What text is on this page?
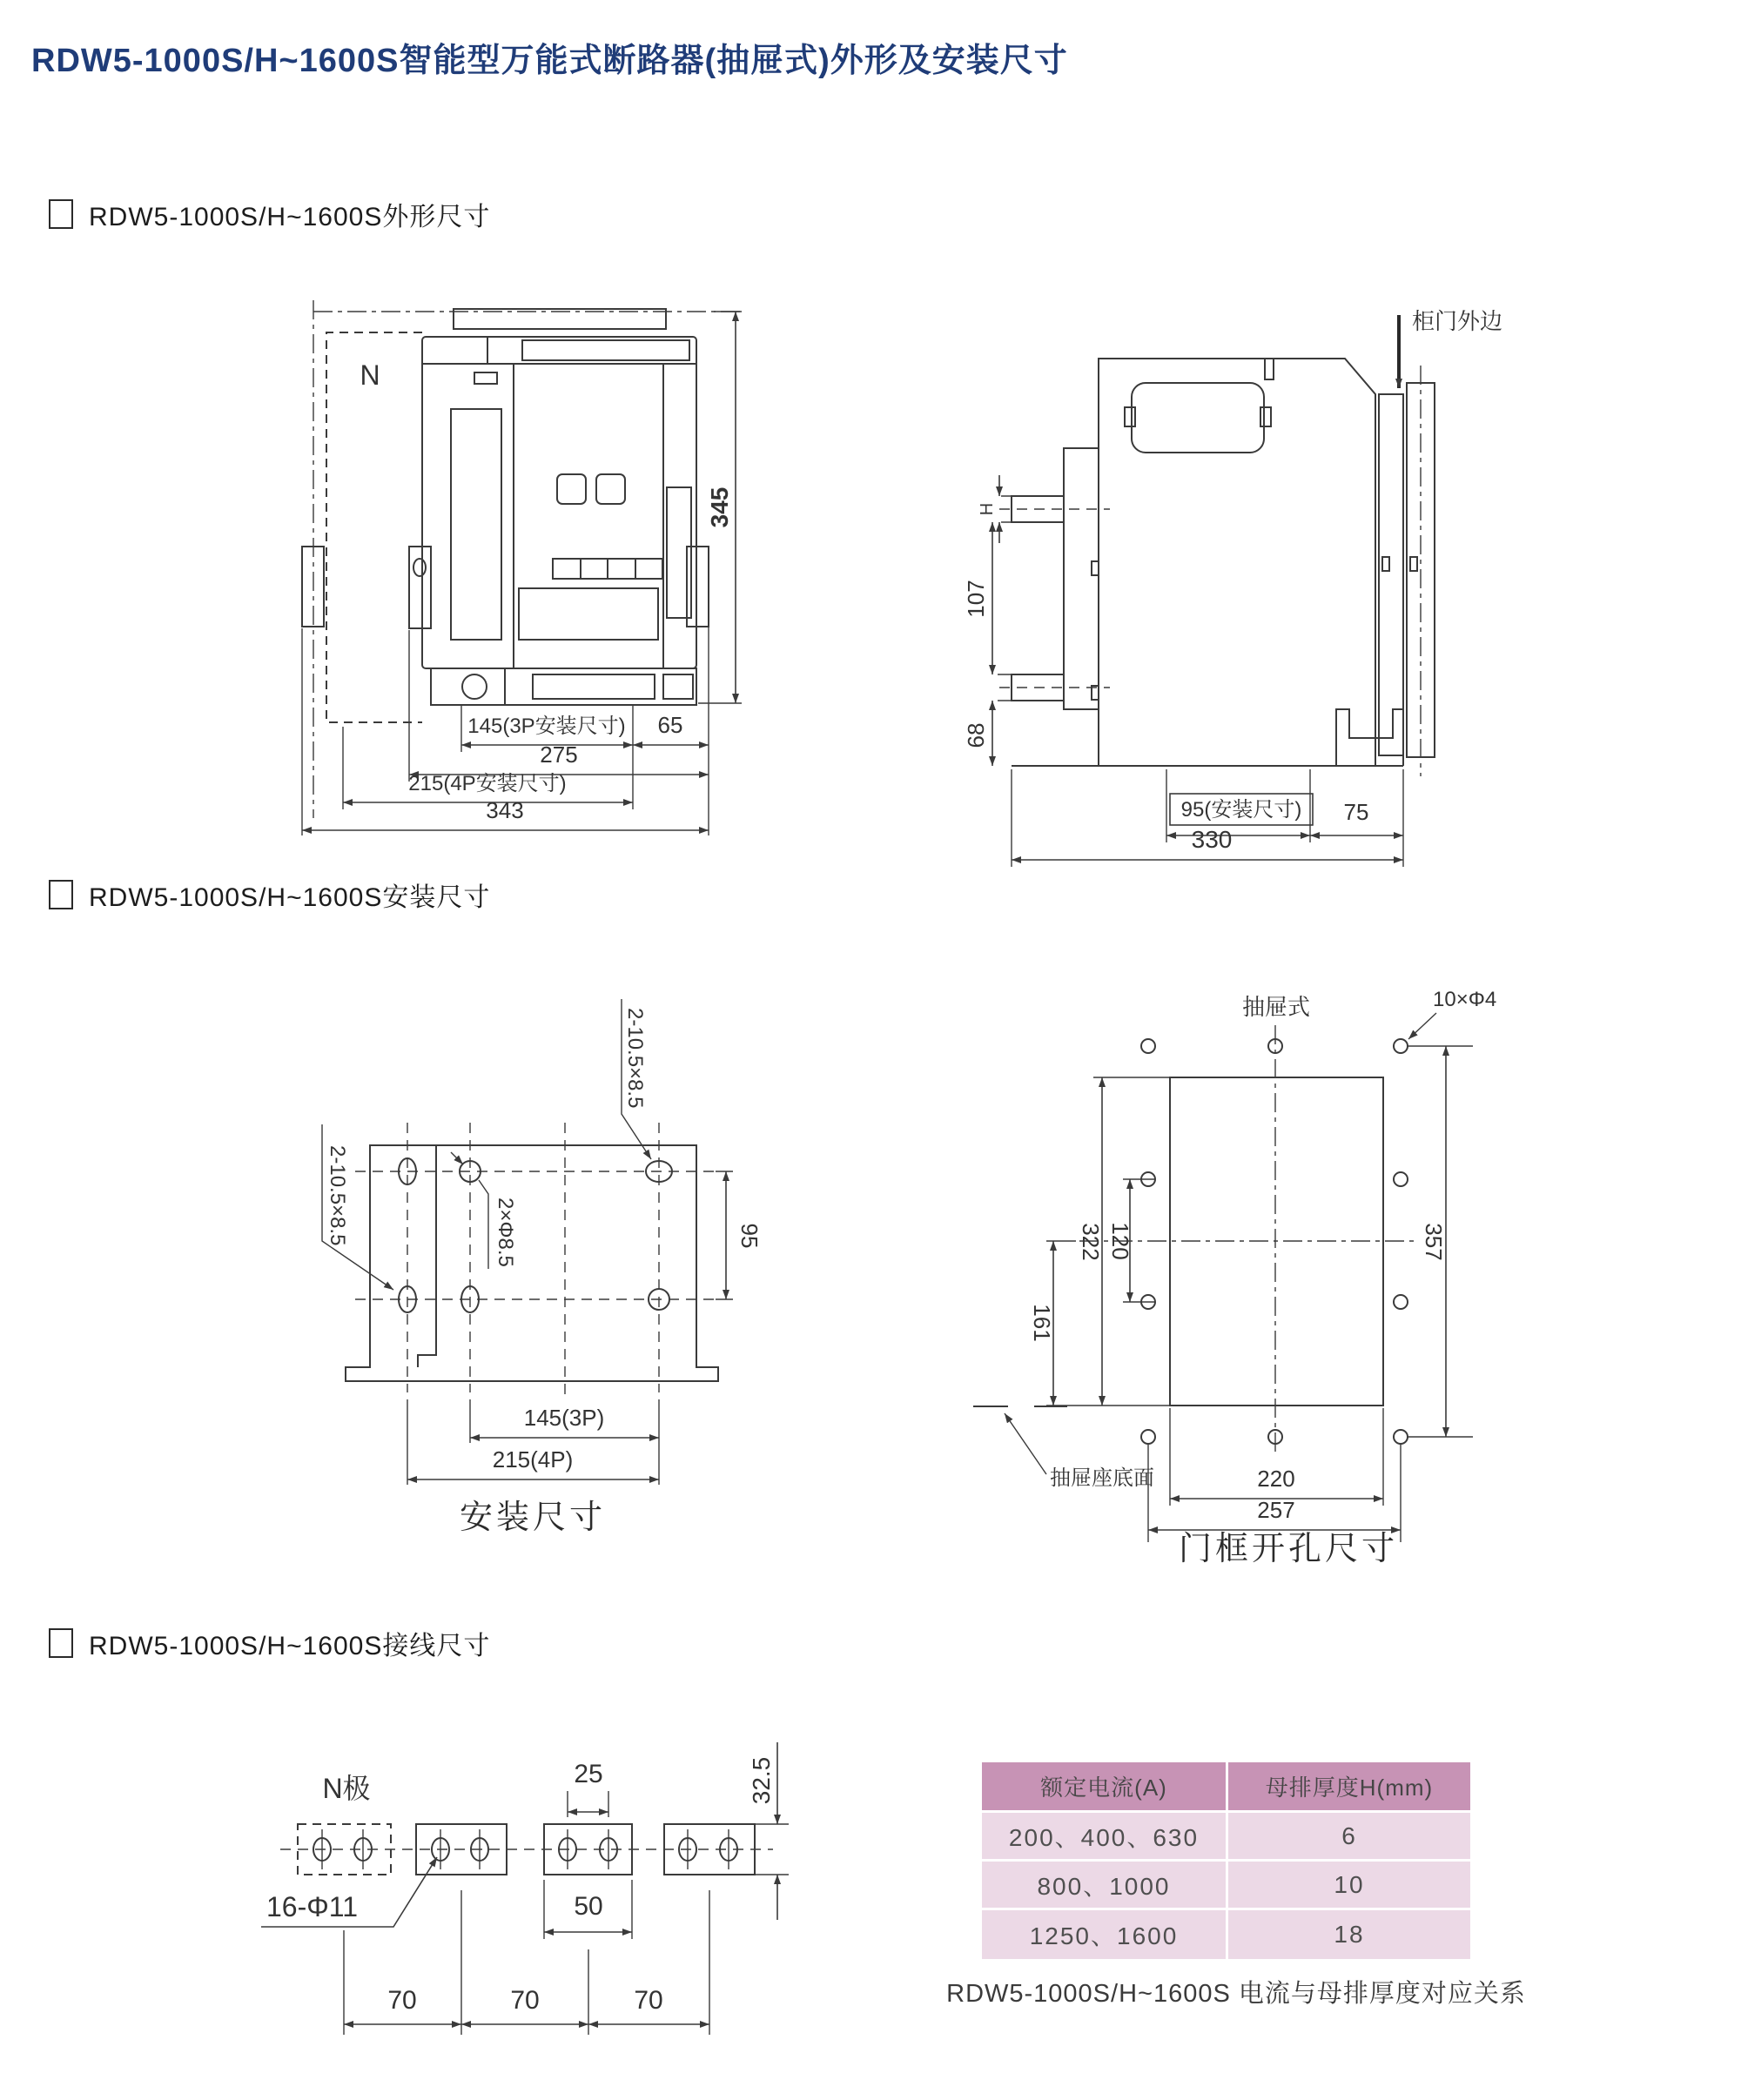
RDW5-1000S/H~1600S智能型万能式断路器(抽屉式)外形及安装尺寸
RDW5-1000S/H~1600S外形尺寸
145(3P安装尺寸) 65
275
215(4P安装尺寸)
343
345
N
柜门外边
H
107
68
95(安装尺寸) 75
330
RDW5-1000S/H~1600S安装尺寸
2-10.5×8.5
2-10.5×8.5	2×Φ8.5	95
145(3P)
215(4P)
安装尺寸
抽屉式	10×Φ4
322 120
161
357
220
257
抽屉座底面
门框开孔尺寸
RDW5-1000S/H~1600S接线尺寸
N极	25	32.5
16-Φ11	50
70	70	70
额定电流(A)	母排厚度H(mm)
200、400、630	6
800、1000	10
1250、1600	18
RDW5-1000S/H~1600S 电流与母排厚度对应关系
